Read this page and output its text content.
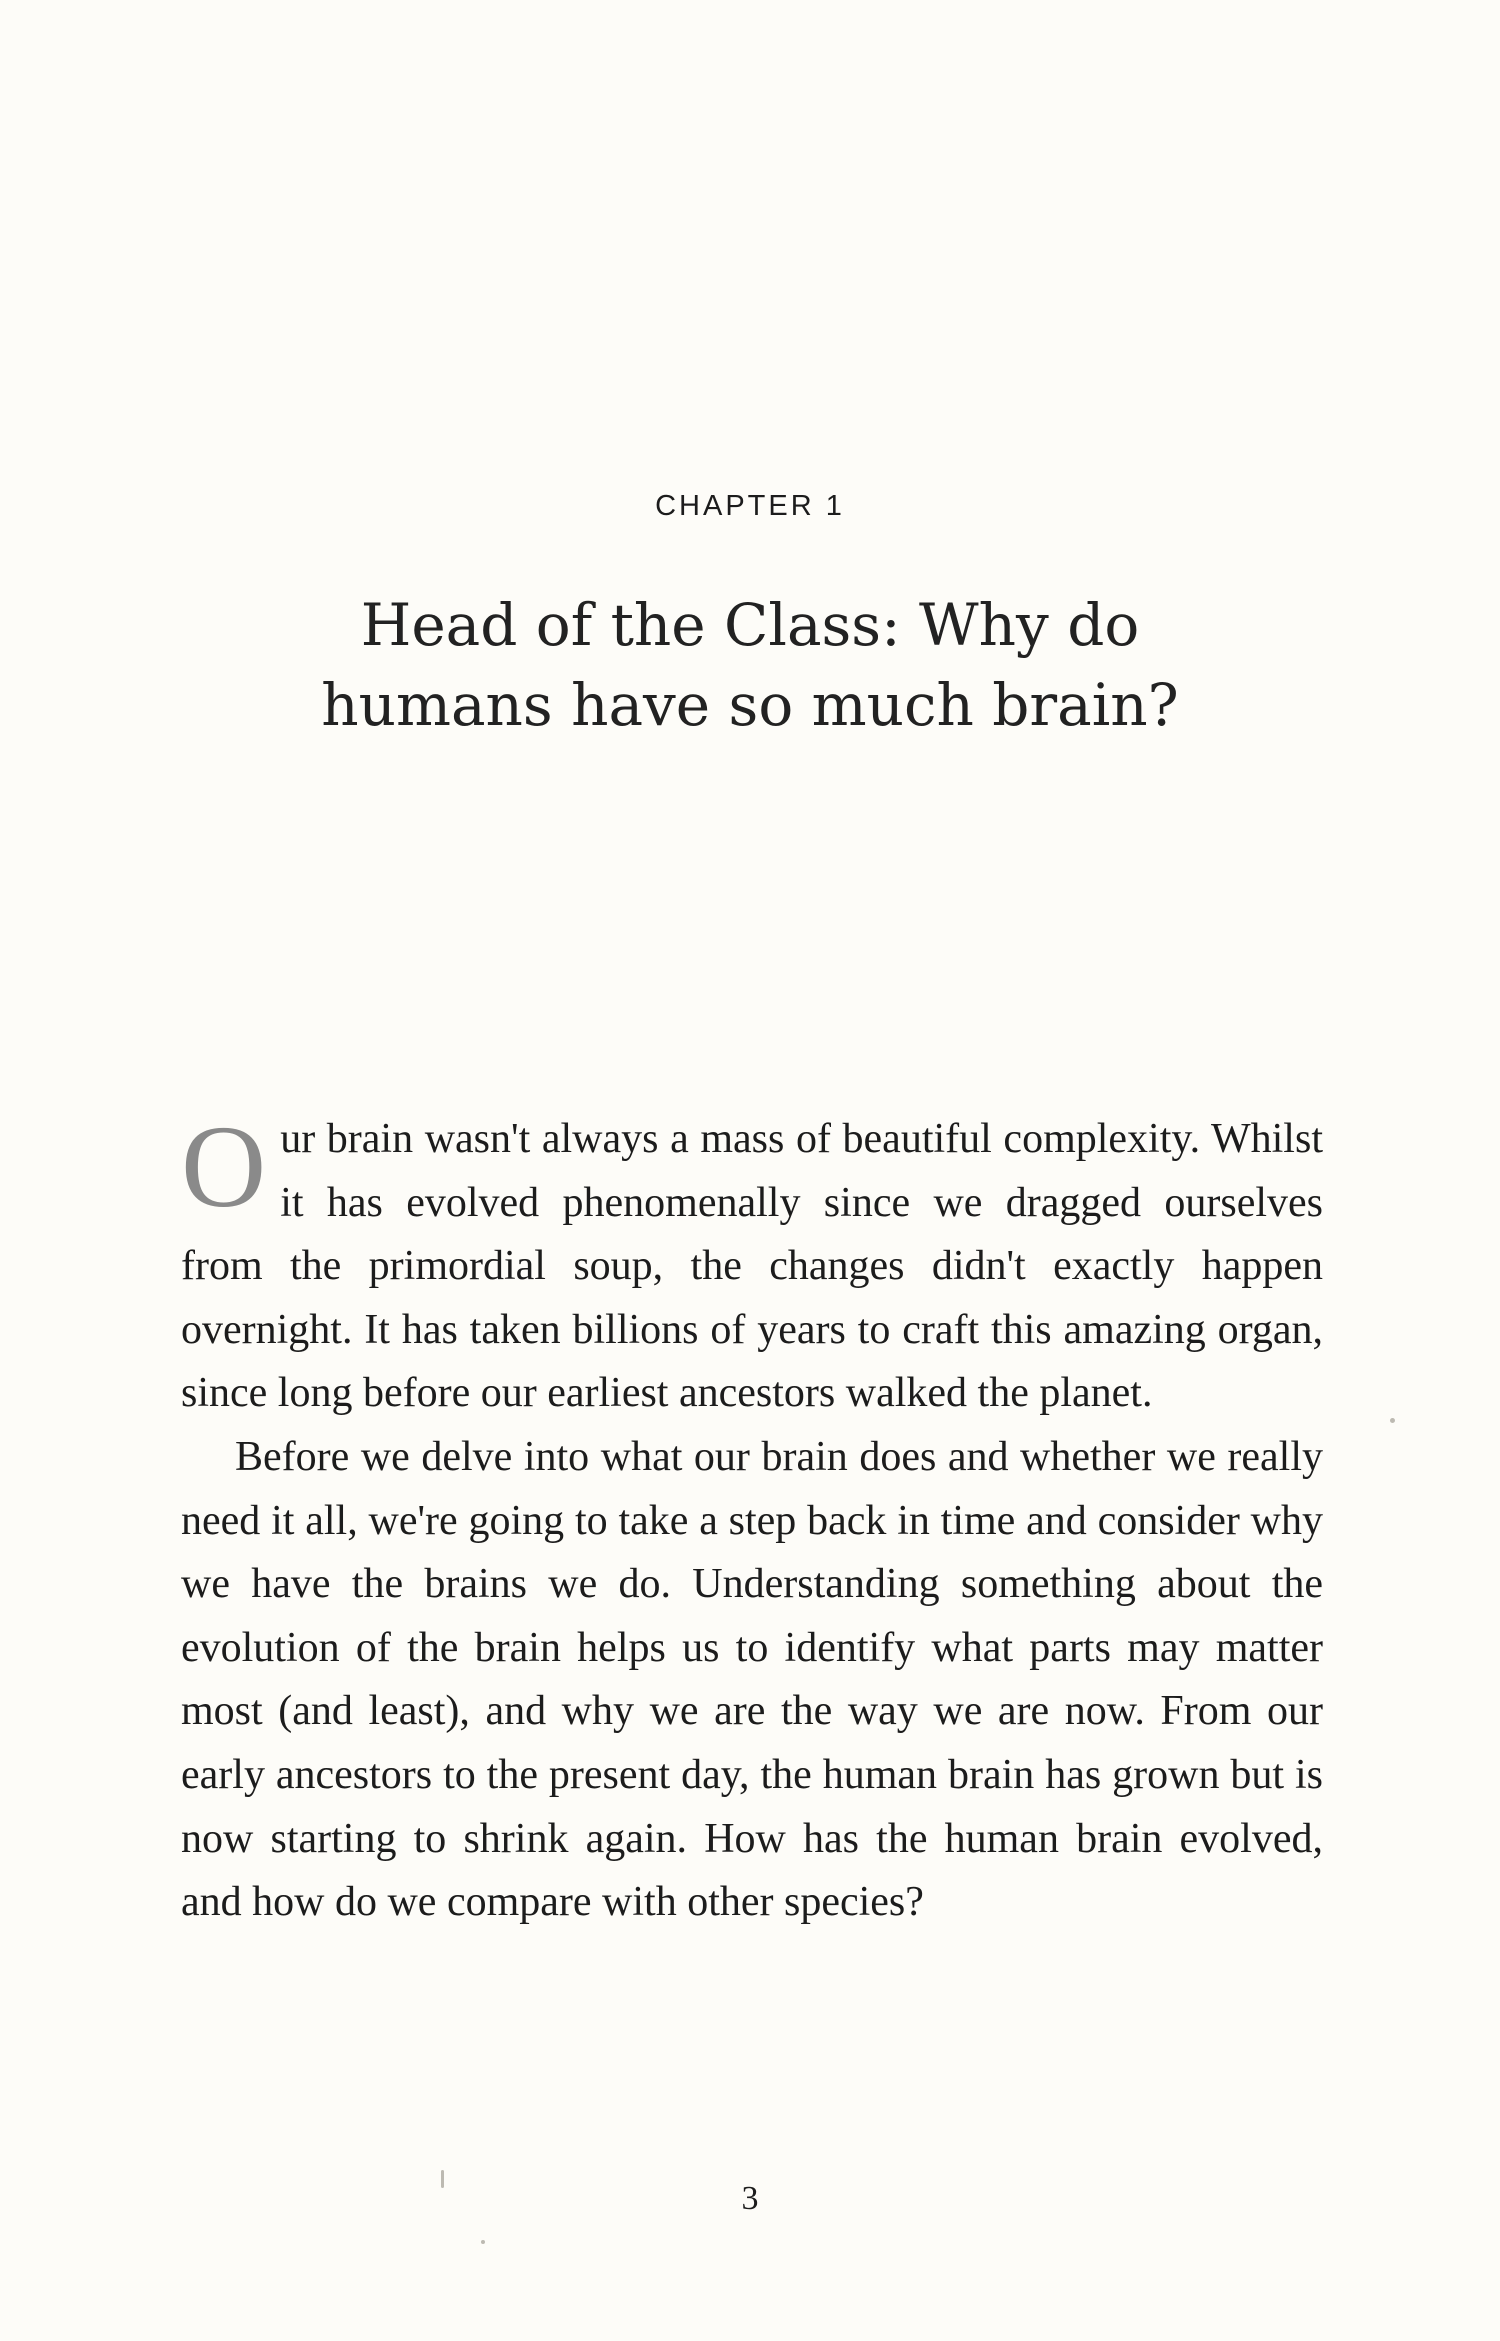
CHAPTER 1
Head of the Class: Why do
humans have so much brain?

Our brain wasn't always a mass of beautiful complexity. Whilst it has evolved phenomenally since we dragged ourselves from the primordial soup, the changes didn't exactly happen overnight. It has taken billions of years to craft this amazing organ, since long before our earliest ancestors walked the planet.

Before we delve into what our brain does and whether we really need it all, we're going to take a step back in time and consider why we have the brains we do. Understanding something about the evolution of the brain helps us to identify what parts may matter most (and least), and why we are the way we are now. From our early ancestors to the present day, the human brain has grown but is now starting to shrink again. How has the human brain evolved, and how do we compare with other species?

3
